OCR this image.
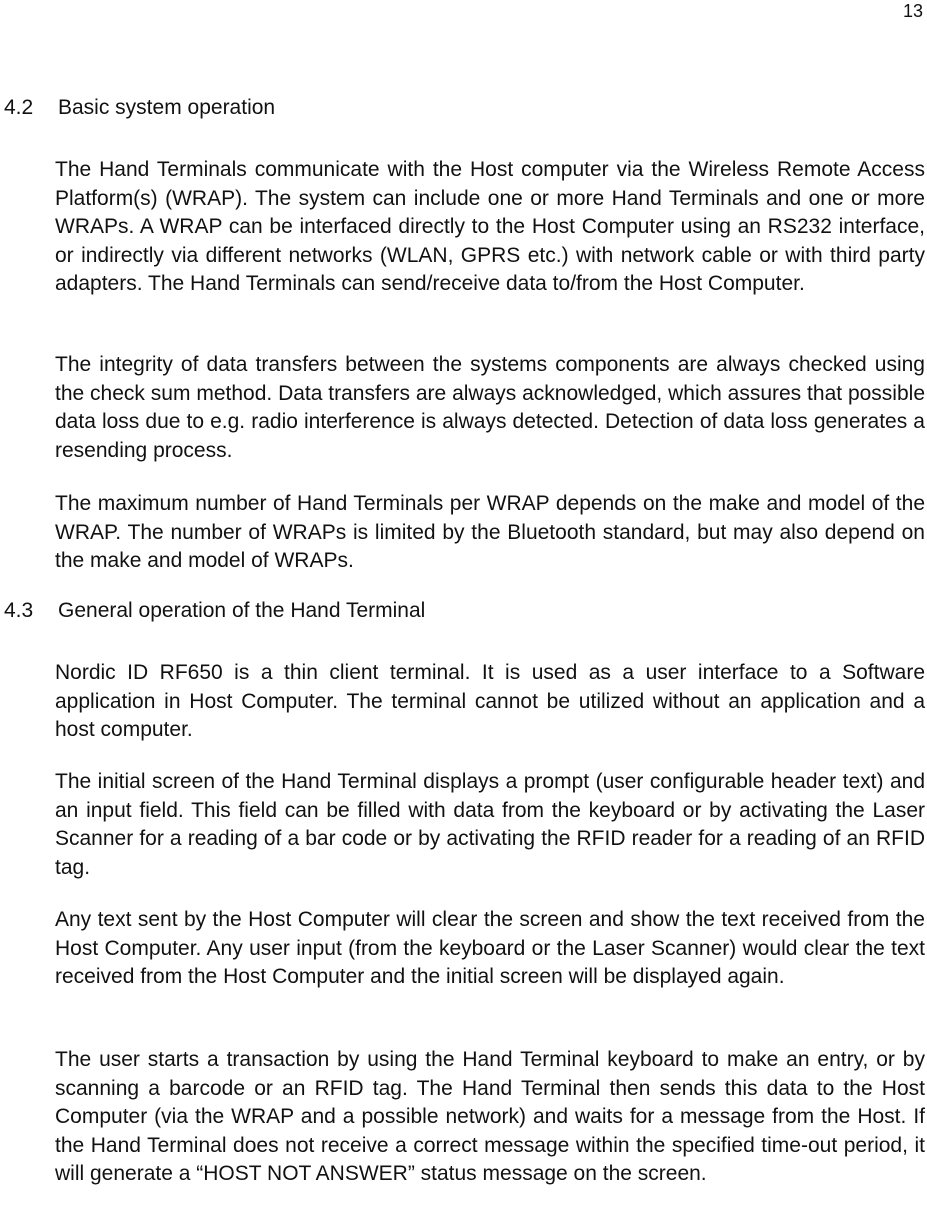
13
4.2 Basic system operation

The Hand Terminals communicate with the Host computer via the Wireless Remote Access Platform(s) (WRAP). The system can include one or more Hand Terminals and one or more WRAPs. A WRAP can be interfaced directly to the Host Computer using an RS232 interface, or indirectly via different networks (WLAN, GPRS etc.) with network cable or with third party adapters. The Hand Terminals can send/receive data to/from the Host Computer.

The integrity of data transfers between the systems components are always checked using the check sum method. Data transfers are always acknowledged, which assures that possible data loss due to e.g. radio interference is always detected. Detection of data loss generates a resending process.

The maximum number of Hand Terminals per WRAP depends on the make and model of the WRAP. The number of WRAPs is limited by the Bluetooth standard, but may also depend on the make and model of WRAPs.

4.3 General operation of the Hand Terminal

Nordic ID RF650 is a thin client terminal. It is used as a user interface to a Software application in Host Computer. The terminal cannot be utilized without an application and a host computer.

The initial screen of the Hand Terminal displays a prompt (user configurable header text) and an input field. This field can be filled with data from the keyboard or by activating the Laser Scanner for a reading of a bar code or by activating the RFID reader for a reading of an RFID tag.

Any text sent by the Host Computer will clear the screen and show the text received from the Host Computer. Any user input (from the keyboard or the Laser Scanner) would clear the text received from the Host Computer and the initial screen will be displayed again.

The user starts a transaction by using the Hand Terminal keyboard to make an entry, or by scanning a barcode or an RFID tag. The Hand Terminal then sends this data to the Host Computer (via the WRAP and a possible network) and waits for a message from the Host. If the Hand Terminal does not receive a correct message within the specified time-out period, it will generate a “HOST NOT ANSWER” status message on the screen.
